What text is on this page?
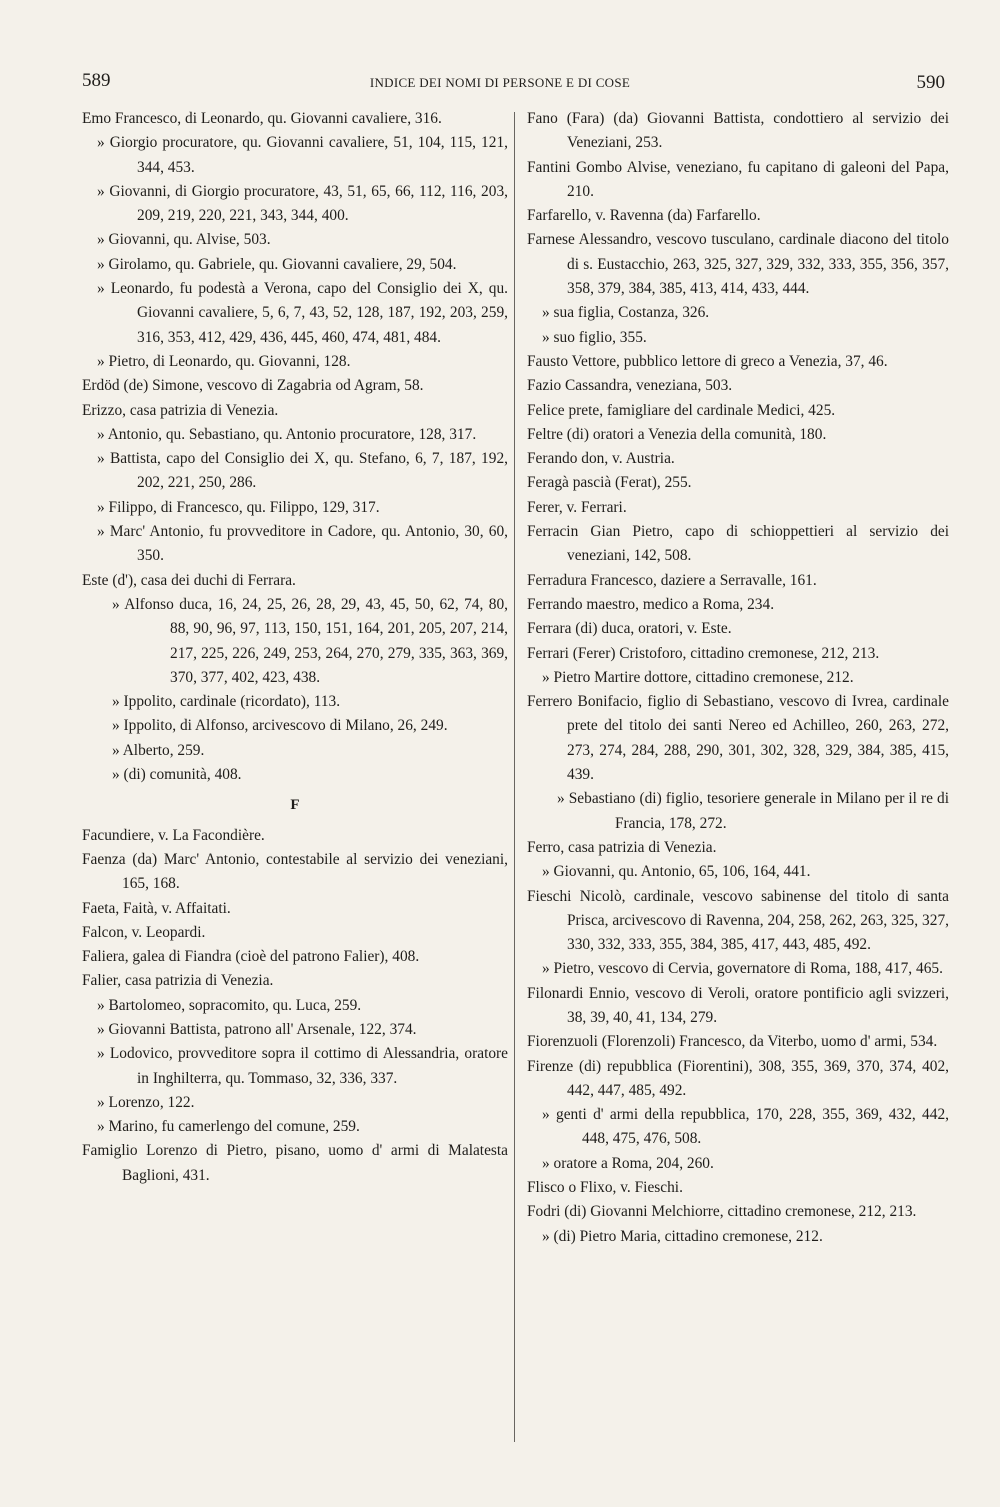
589	INDICE DEI NOMI DI PERSONE E DI COSE	590

Emo Francesco, di Leonardo, qu. Giovanni cavaliere, 316.

» Giorgio procuratore, qu. Giovanni cavaliere, 51, 104, 115, 121, 344, 453.

» Giovanni, di Giorgio procuratore, 43, 51, 65, 66, 112, 116, 203, 209, 219, 220, 221, 343, 344, 400.

» Giovanni, qu. Alvise, 503.

» Girolamo, qu. Gabriele, qu. Giovanni cavaliere, 29, 504.

» Leonardo, fu podestà a Verona, capo del Consiglio dei X, qu. Giovanni cavaliere, 5, 6, 7, 43, 52, 128, 187, 192, 203, 259, 316, 353, 412, 429, 436, 445, 460, 474, 481, 484.

» Pietro, di Leonardo, qu. Giovanni, 128.

Erdöd (de) Simone, vescovo di Zagabria od Agram, 58.

Erizzo, casa patrizia di Venezia.

» Antonio, qu. Sebastiano, qu. Antonio procuratore, 128, 317.

» Battista, capo del Consiglio dei X, qu. Stefano, 6, 7, 187, 192, 202, 221, 250, 286.

» Filippo, di Francesco, qu. Filippo, 129, 317.

» Marc' Antonio, fu provveditore in Cadore, qu. Antonio, 30, 60, 350.

Este (d'), casa dei duchi di Ferrara.

» Alfonso duca, 16, 24, 25, 26, 28, 29, 43, 45, 50, 62, 74, 80, 88, 90, 96, 97, 113, 150, 151, 164, 201, 205, 207, 214, 217, 225, 226, 249, 253, 264, 270, 279, 335, 363, 369, 370, 377, 402, 423, 438.

» Ippolito, cardinale (ricordato), 113.

» Ippolito, di Alfonso, arcivescovo di Milano, 26, 249.

» Alberto, 259.

» (di) comunità, 408.

F

Facundiere, v. La Facondière.

Faenza (da) Marc' Antonio, contestabile al servizio dei veneziani, 165, 168.

Faeta, Faità, v. Affaitati.

Falcon, v. Leopardi.

Faliera, galea di Fiandra (cioè del patrono Falier), 408.

Falier, casa patrizia di Venezia.

» Bartolomeo, sopracomito, qu. Luca, 259.

» Giovanni Battista, patrono all' Arsenale, 122, 374.

» Lodovico, provveditore sopra il cottimo di Alessandria, oratore in Inghilterra, qu. Tommaso, 32, 336, 337.

» Lorenzo, 122.

» Marino, fu camerlengo del comune, 259.

Famiglio Lorenzo di Pietro, pisano, uomo d' armi di Malatesta Baglioni, 431.

Fano (Fara) (da) Giovanni Battista, condottiero al servizio dei Veneziani, 253.

Fantini Gombo Alvise, veneziano, fu capitano di galeoni del Papa, 210.

Farfarello, v. Ravenna (da) Farfarello.

Farnese Alessandro, vescovo tusculano, cardinale diacono del titolo di s. Eustacchio, 263, 325, 327, 329, 332, 333, 355, 356, 357, 358, 379, 384, 385, 413, 414, 433, 444.

» sua figlia, Costanza, 326.

» suo figlio, 355.

Fausto Vettore, pubblico lettore di greco a Venezia, 37, 46.

Fazio Cassandra, veneziana, 503.

Felice prete, famigliare del cardinale Medici, 425.

Feltre (di) oratori a Venezia della comunità, 180.

Ferando don, v. Austria.

Feragà pascià (Ferat), 255.

Ferer, v. Ferrari.

Ferracin Gian Pietro, capo di schioppettieri al servizio dei veneziani, 142, 508.

Ferradura Francesco, daziere a Serravalle, 161.

Ferrando maestro, medico a Roma, 234.

Ferrara (di) duca, oratori, v. Este.

Ferrari (Ferer) Cristoforo, cittadino cremonese, 212, 213.

» Pietro Martire dottore, cittadino cremonese, 212.

Ferrero Bonifacio, figlio di Sebastiano, vescovo di Ivrea, cardinale prete del titolo dei santi Nereo ed Achilleo, 260, 263, 272, 273, 274, 284, 288, 290, 301, 302, 328, 329, 384, 385, 415, 439.

» Sebastiano (di) figlio, tesoriere generale in Milano per il re di Francia, 178, 272.

Ferro, casa patrizia di Venezia.

» Giovanni, qu. Antonio, 65, 106, 164, 441.

Fieschi Nicolò, cardinale, vescovo sabinense del titolo di santa Prisca, arcivescovo di Ravenna, 204, 258, 262, 263, 325, 327, 330, 332, 333, 355, 384, 385, 417, 443, 485, 492.

» Pietro, vescovo di Cervia, governatore di Roma, 188, 417, 465.

Filonardi Ennio, vescovo di Veroli, oratore pontificio agli svizzeri, 38, 39, 40, 41, 134, 279.

Fiorenzuoli (Florenzoli) Francesco, da Viterbo, uomo d' armi, 534.

Firenze (di) repubblica (Fiorentini), 308, 355, 369, 370, 374, 402, 442, 447, 485, 492.

» genti d' armi della repubblica, 170, 228, 355, 369, 432, 442, 448, 475, 476, 508.

» oratore a Roma, 204, 260.

Flisco o Flixo, v. Fieschi.

Fodri (di) Giovanni Melchiorre, cittadino cremonese, 212, 213.

» (di) Pietro Maria, cittadino cremonese, 212.
